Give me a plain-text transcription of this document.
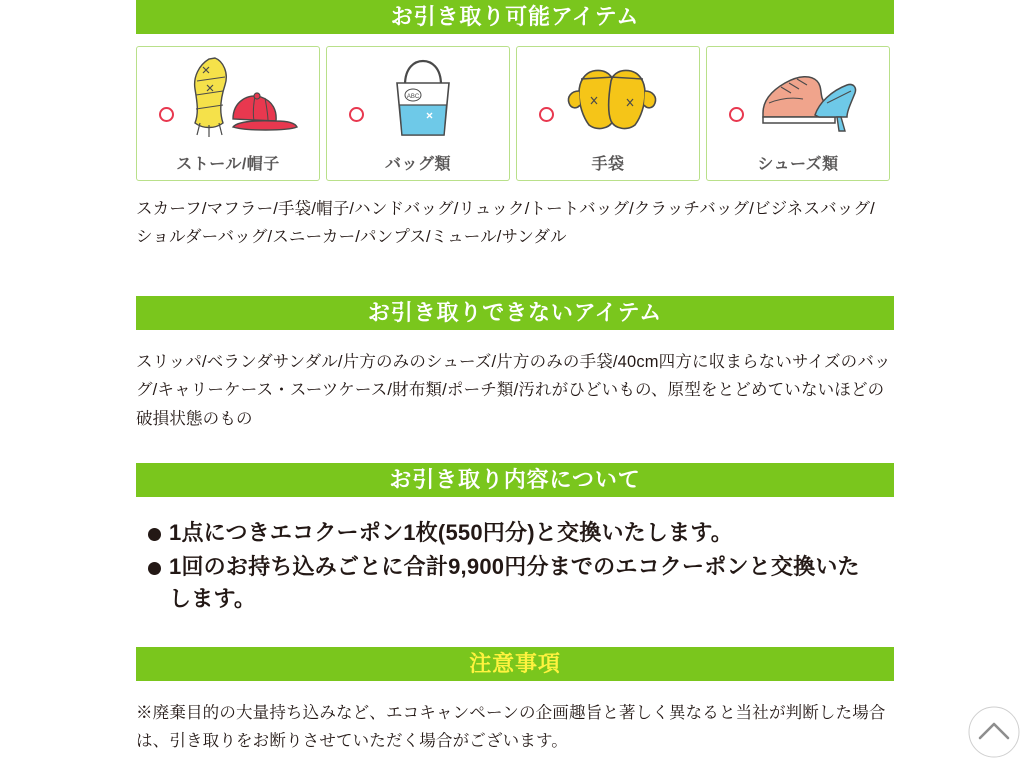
お引き取り可能アイテム
ストール/帽子
ABC
バッグ類	手袋	シューズ類
スカーフ/マフラー/手袋/帽子/ハンドバッグ/リュック/トートバッグ/クラッチバッグ/ビジネスバッグ/ショルダーバッグ/スニーカー/パンプス/ミュール/サンダル
お引き取りできないアイテム
スリッパ/ベランダサンダル/片方のみのシューズ/片方のみの手袋/40cm四方に収まらないサイズのバッグ/キャリーケース・スーツケース/財布類/ポーチ類/汚れがひどいもの、原型をとどめていないほどの破損状態のもの
お引き取り内容について
1点につきエコクーポン1枚(550円分)と交換いたします。
1回のお持ち込みごとに合計9,900円分までのエコクーポンと交換いたします。
注意事項
※廃棄目的の大量持ち込みなど、エコキャンペーンの企画趣旨と著しく異なると当社が判断した場合は、引き取りをお断りさせていただく場合がございます。
